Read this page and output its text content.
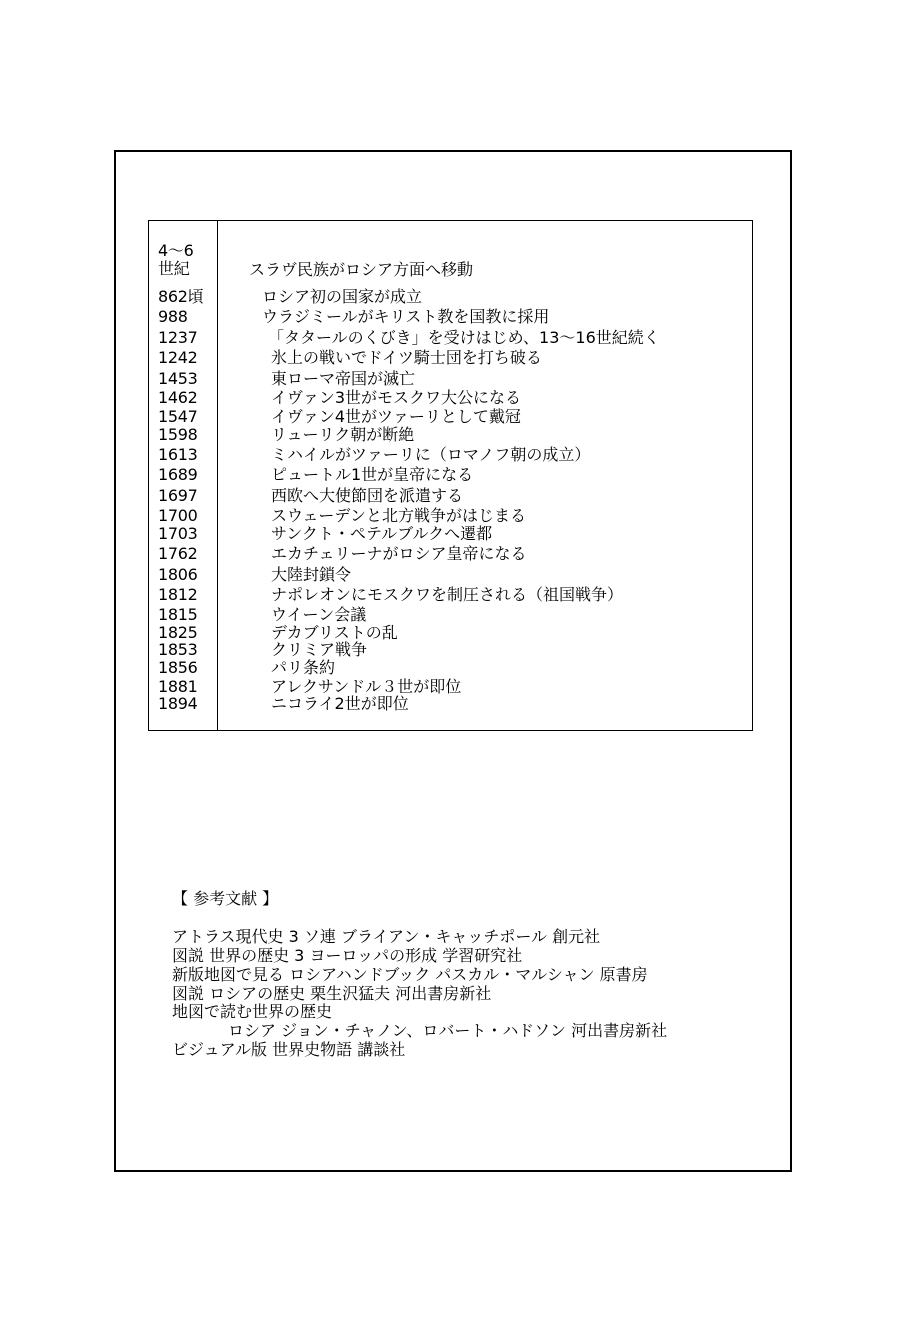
4～6
世紀	スラヴ民族がロシア方面へ移動
862頃	ロシア初の国家が成立
988	ウラジミールがキリスト教を国教に採用
1237	「タタールのくびき」を受けはじめ、13～16世紀続く
1242	氷上の戦いでドイツ騎士団を打ち破る
1453	東ローマ帝国が滅亡
1462	イヴァン3世がモスクワ大公になる
1547	イヴァン4世がツァーリとして戴冠
1598	リューリク朝が断絶
1613	ミハイルがツァーリに（ロマノフ朝の成立）
1689	ピュートル1世が皇帝になる
1697	西欧へ大使節団を派遣する
1700	スウェーデンと北方戦争がはじまる
1703	サンクト・ペテルブルクへ遷都
1762	エカチェリーナがロシア皇帝になる
1806	大陸封鎖令
1812	ナポレオンにモスクワを制圧される（祖国戦争）
1815	ウイーン会議
1825	デカブリストの乱
1853	クリミア戦争
1856	パリ条約
1881	アレクサンドル３世が即位
1894	ニコライ2世が即位
【 参考文献 】
アトラス現代史 3 ソ連 ブライアン・キャッチポール 創元社
図説 世界の歴史 3 ヨーロッパの形成 学習研究社
新版地図で見る ロシアハンドブック パスカル・マルシャン 原書房
図説 ロシアの歴史 栗生沢猛夫 河出書房新社
地図で読む世界の歴史
ロシア ジョン・チャノン、ロバート・ハドソン 河出書房新社
ビジュアル版 世界史物語 講談社
